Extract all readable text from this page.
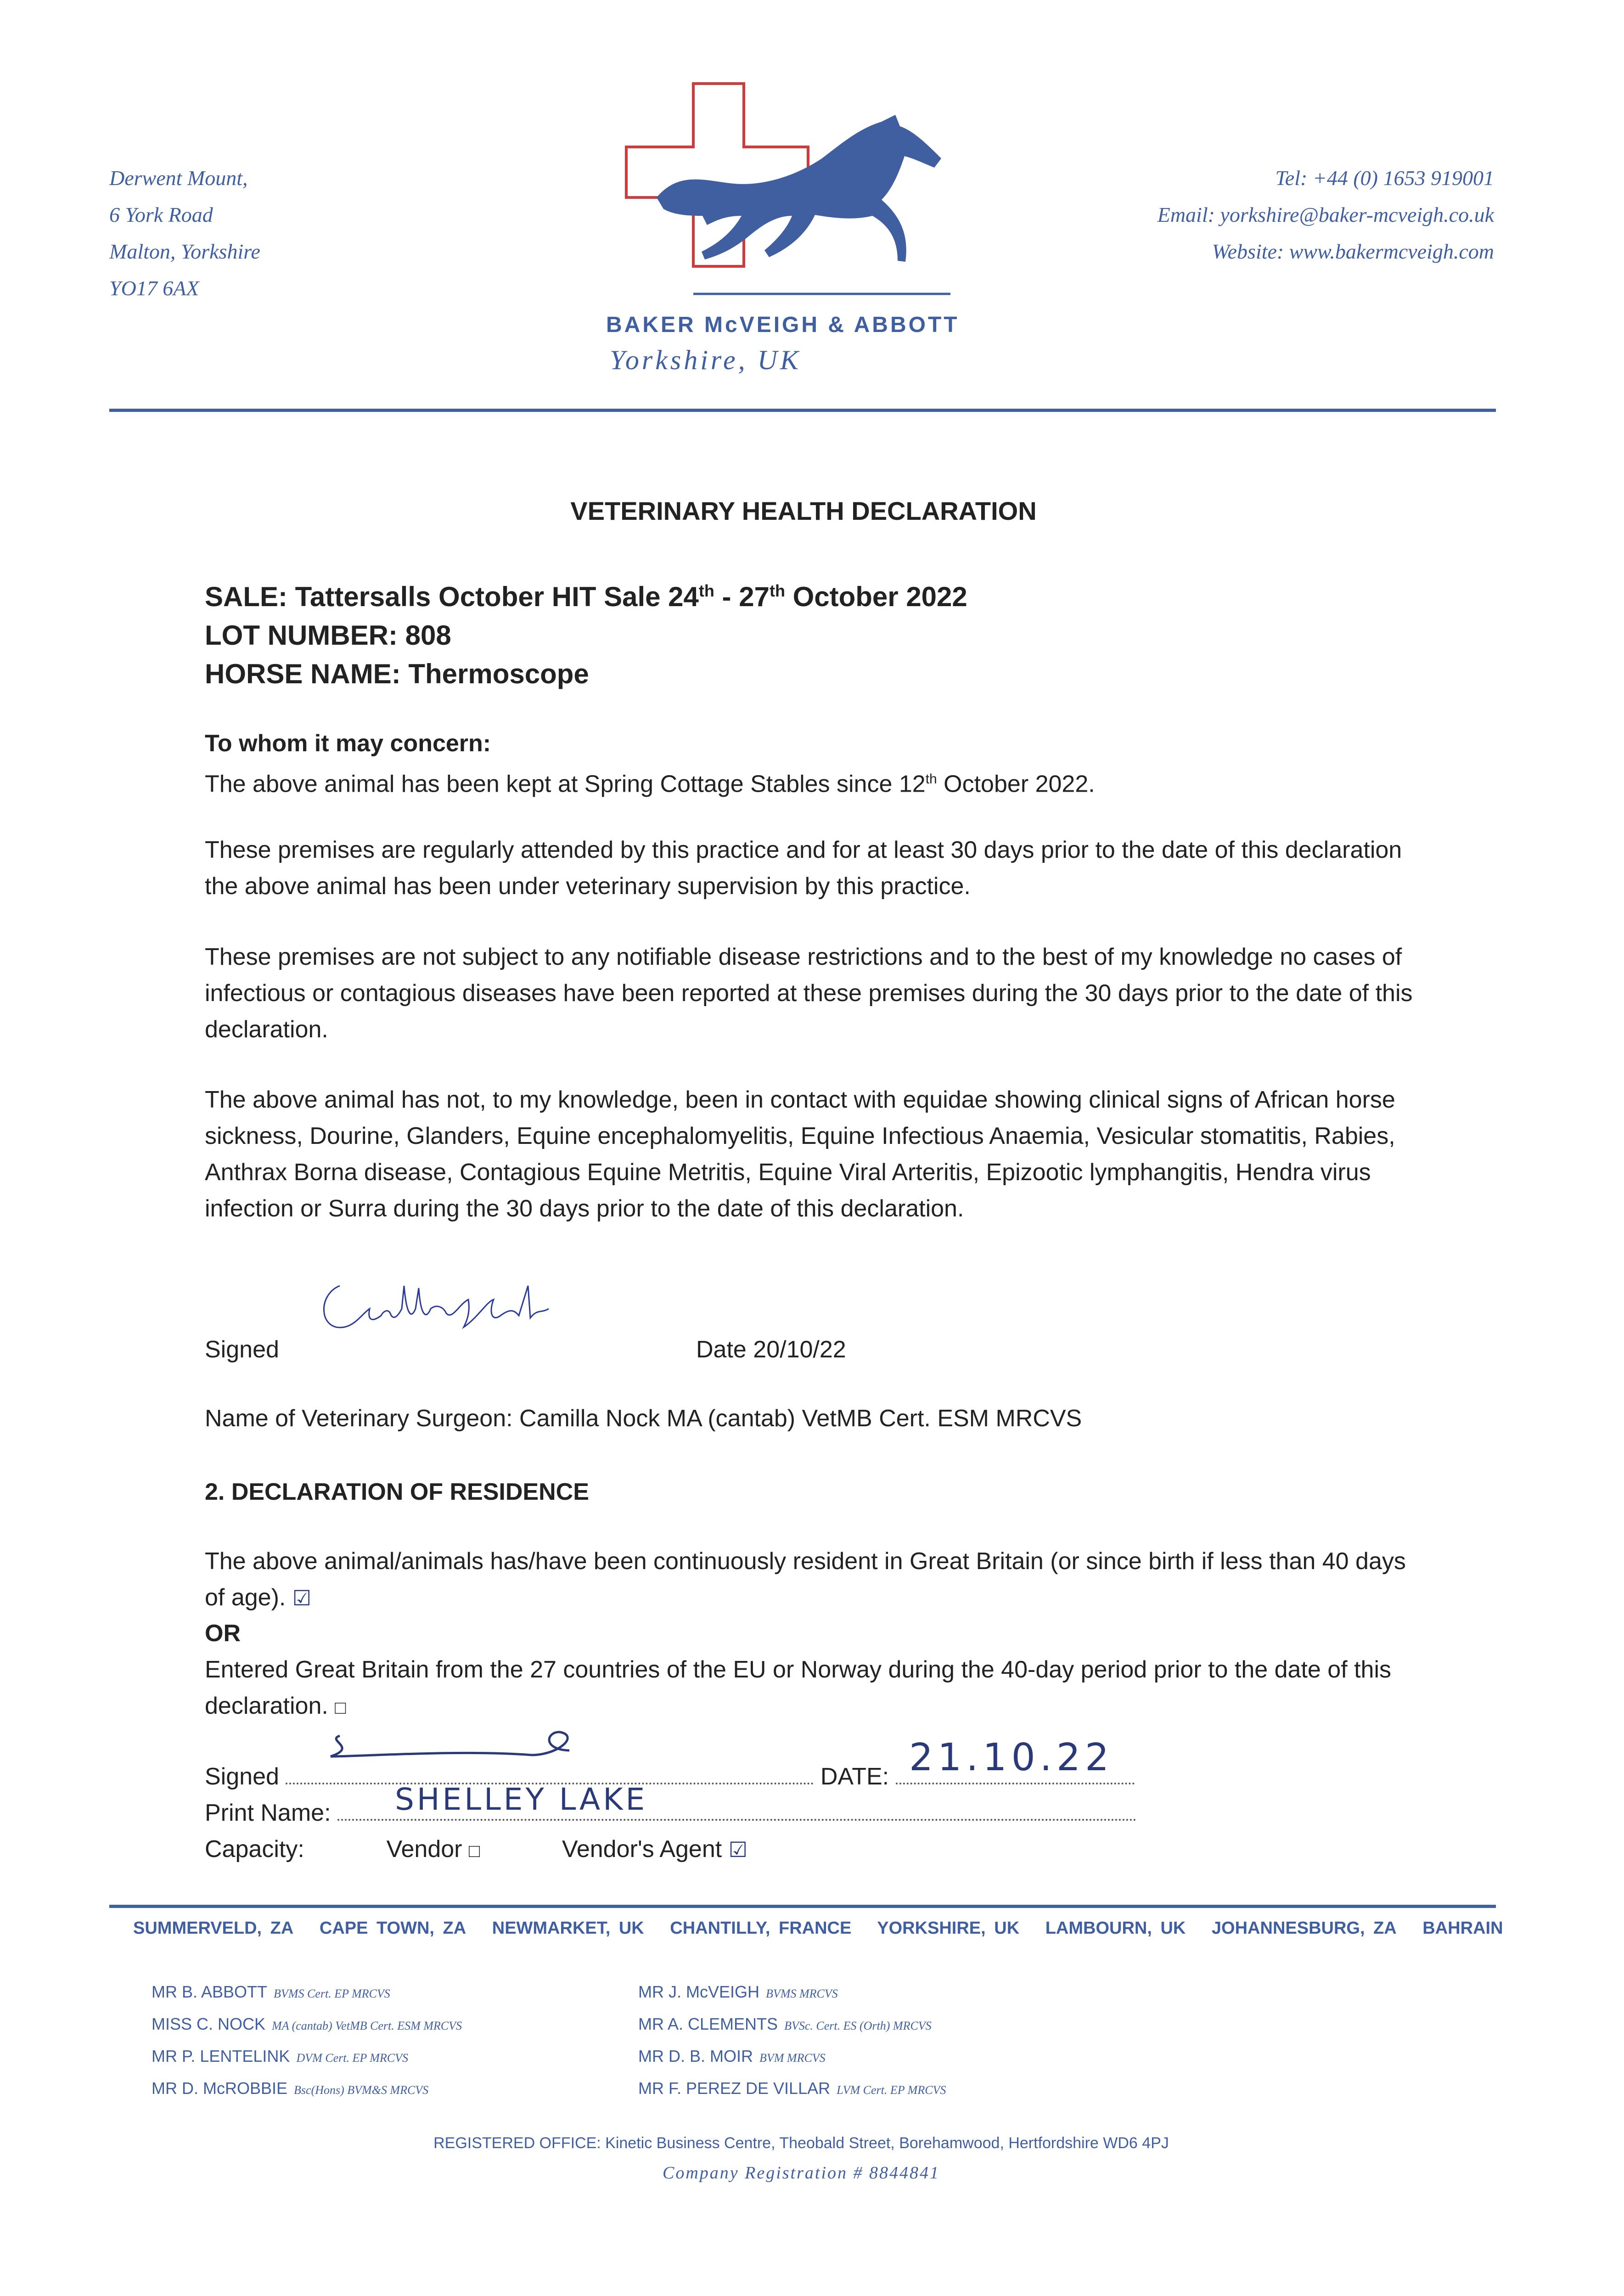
Derwent Mount,
6 York Road
Malton, Yorkshire
YO17 6AX
BAKER McVEIGH & ABBOTT
Yorkshire, UK
Tel: +44 (0) 1653 919001
Email: yorkshire@baker-mcveigh.co.uk
Website: www.bakermcveigh.com
VETERINARY HEALTH DECLARATION
SALE: Tattersalls October HIT Sale 24th - 27th October 2022
LOT NUMBER: 808
HORSE NAME: Thermoscope
To whom it may concern:
The above animal has been kept at Spring Cottage Stables since 12th October 2022.
These premises are regularly attended by this practice and for at least 30 days prior to the date of this declaration the above animal has been under veterinary supervision by this practice.
These premises are not subject to any notifiable disease restrictions and to the best of my knowledge no cases of infectious or contagious diseases have been reported at these premises during the 30 days prior to the date of this declaration.
The above animal has not, to my knowledge, been in contact with equidae showing clinical signs of African horse sickness, Dourine, Glanders, Equine encephalomyelitis, Equine Infectious Anaemia, Vesicular stomatitis, Rabies, Anthrax Borna disease, Contagious Equine Metritis, Equine Viral Arteritis, Epizootic lymphangitis, Hendra virus infection or Surra during the 30 days prior to the date of this declaration.
Signed	Date 20/10/22
Name of Veterinary Surgeon: Camilla Nock MA (cantab) VetMB Cert. ESM MRCVS
2. DECLARATION OF RESIDENCE
The above animal/animals has/have been continuously resident in Great Britain (or since birth if less than 40 days of age). ☑
OR
Entered Great Britain from the 27 countries of the EU or Norway during the 40-day period prior to the date of this declaration. □
Signed	DATE: 21.10.22
Print Name:	SHELLEY LAKE
Capacity:	Vendor □	Vendor's Agent ☑
SUMMERVELD, ZA CAPE TOWN, ZA NEWMARKET, UK CHANTILLY, FRANCE YORKSHIRE, UK LAMBOURN, UK JOHANNESBURG, ZA BAHRAIN
MR B. ABBOTT BVMS Cert. EP MRCVS
MISS C. NOCK MA (cantab) VetMB Cert. ESM MRCVS
MR P. LENTELINK DVM Cert. EP MRCVS
MR D. McROBBIE Bsc(Hons) BVM&S MRCVS
MR J. McVEIGH BVMS MRCVS
MR A. CLEMENTS BVSc. Cert. ES (Orth) MRCVS
MR D. B. MOIR BVM MRCVS
MR F. PEREZ DE VILLAR LVM Cert. EP MRCVS
REGISTERED OFFICE: Kinetic Business Centre, Theobald Street, Borehamwood, Hertfordshire WD6 4PJ
Company Registration # 8844841
